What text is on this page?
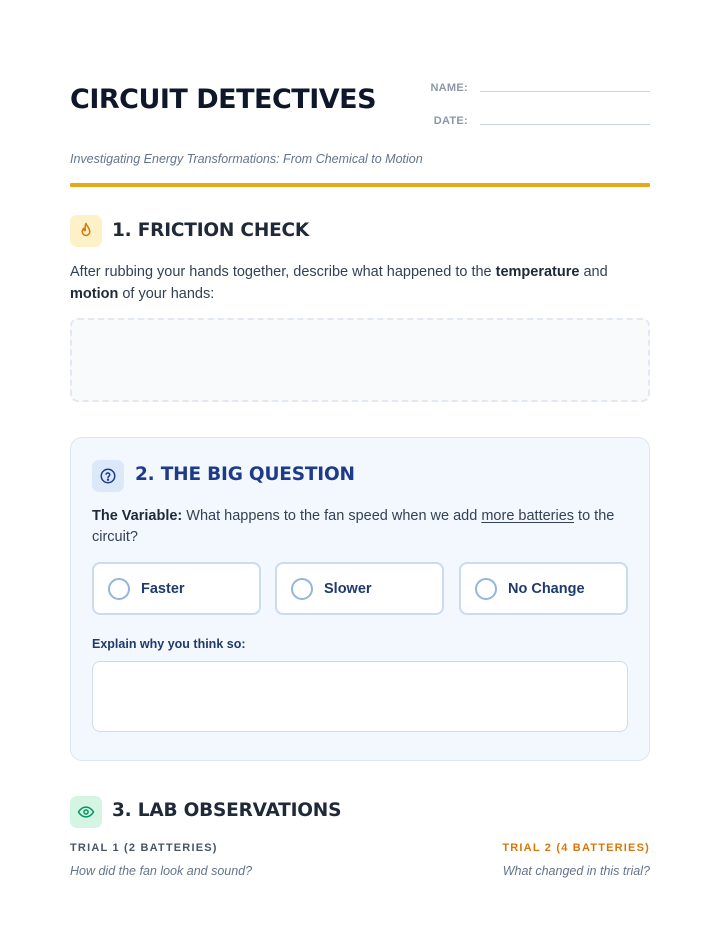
CIRCUIT DETECTIVES	NAME:
DATE:
Investigating Energy Transformations: From Chemical to Motion
1. FRICTION CHECK
After rubbing your hands together, describe what happened to the temperature and motion of your hands:
2. THE BIG QUESTION
The Variable: What happens to the fan speed when we add more batteries to the circuit?
Faster	Slower	No Change
Explain why you think so:
3. LAB OBSERVATIONS
TRIAL 1 (2 BATTERIES)
How did the fan look and sound?
TRIAL 2 (4 BATTERIES)
What changed in this trial?
